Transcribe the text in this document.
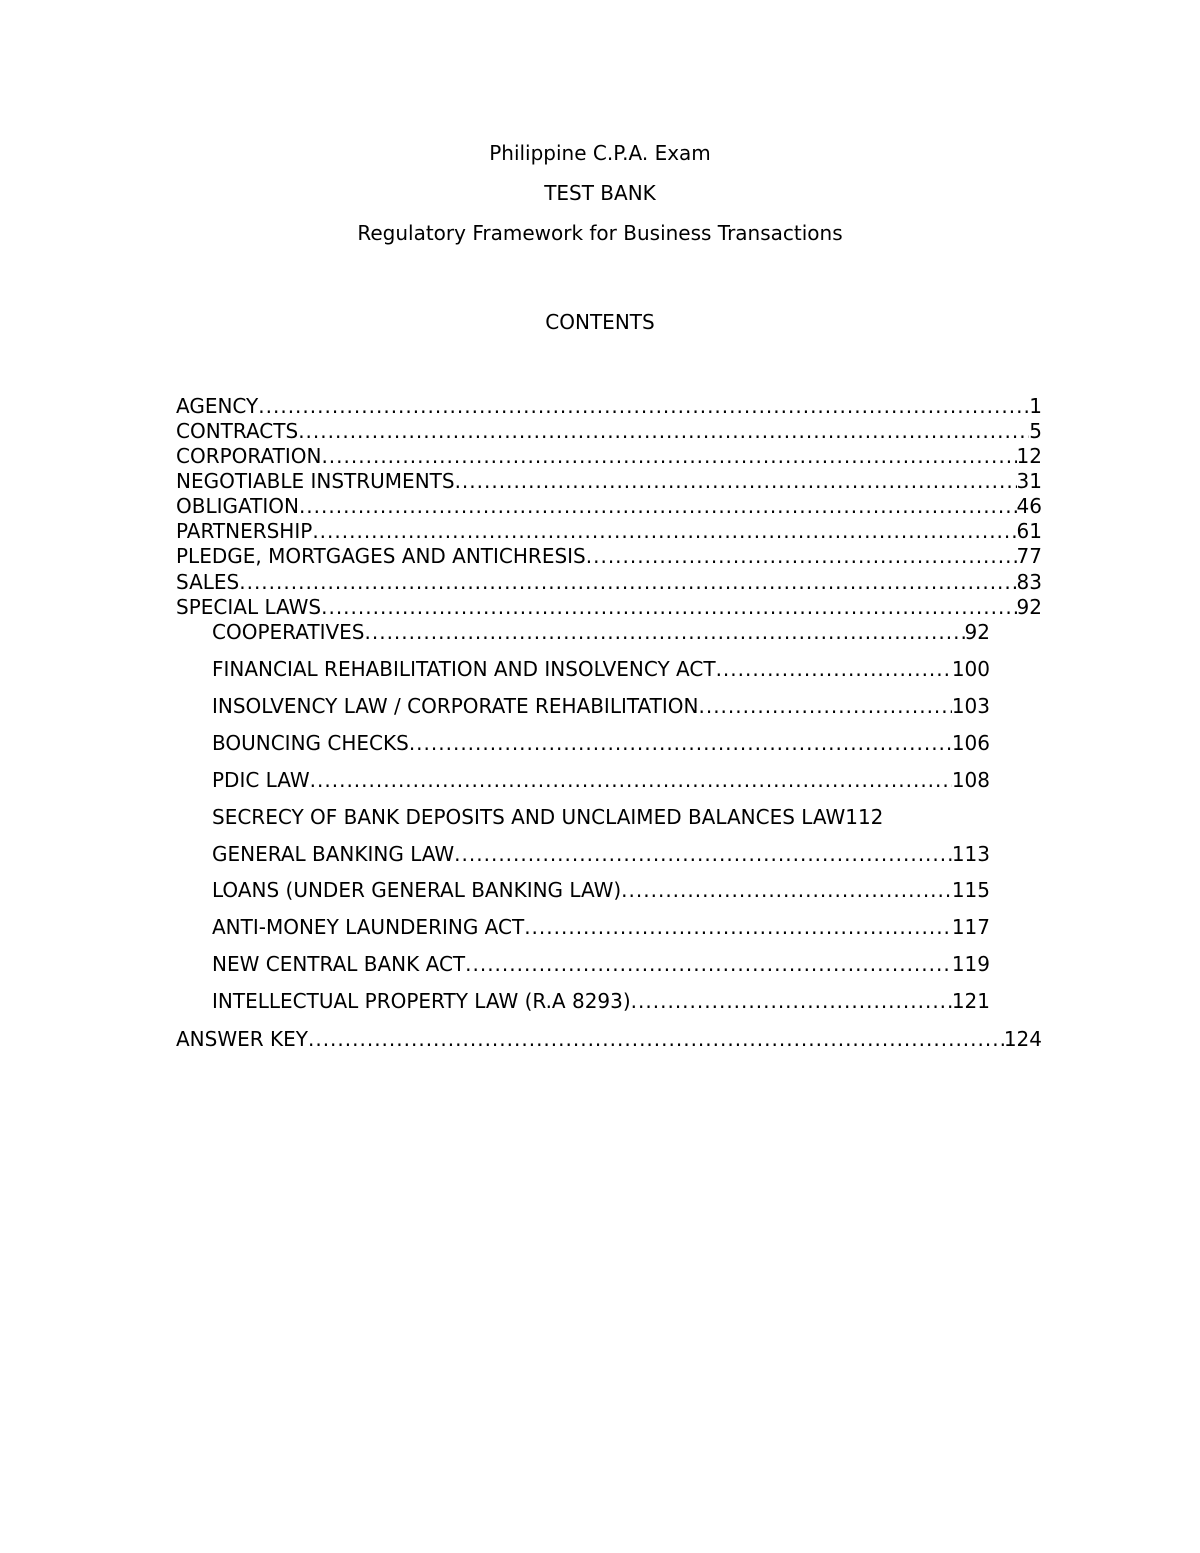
Philippine C.P.A. Exam
TEST BANK
Regulatory Framework for Business Transactions
CONTENTS
AGENCY .....	1
CONTRACTS .....	5
CORPORATION .....	12
NEGOTIABLE INSTRUMENTS .....	31
OBLIGATION .....	46
PARTNERSHIP .....	61
PLEDGE, MORTGAGES AND ANTICHRESIS .....	77
SALES .....	83
SPECIAL LAWS .....	92
COOPERATIVES .....	92
FINANCIAL REHABILITATION AND INSOLVENCY ACT .....	100
INSOLVENCY LAW / CORPORATE REHABILITATION .....	103
BOUNCING CHECKS .....	106
PDIC LAW .....	108
SECRECY OF BANK DEPOSITS AND UNCLAIMED BALANCES LAW 112
GENERAL BANKING LAW .....	113
LOANS (UNDER GENERAL BANKING LAW) .....	115
ANTI-MONEY LAUNDERING ACT .....	117
NEW CENTRAL BANK ACT .....	119
INTELLECTUAL PROPERTY LAW (R.A 8293) .....	121
ANSWER KEY .....	124
